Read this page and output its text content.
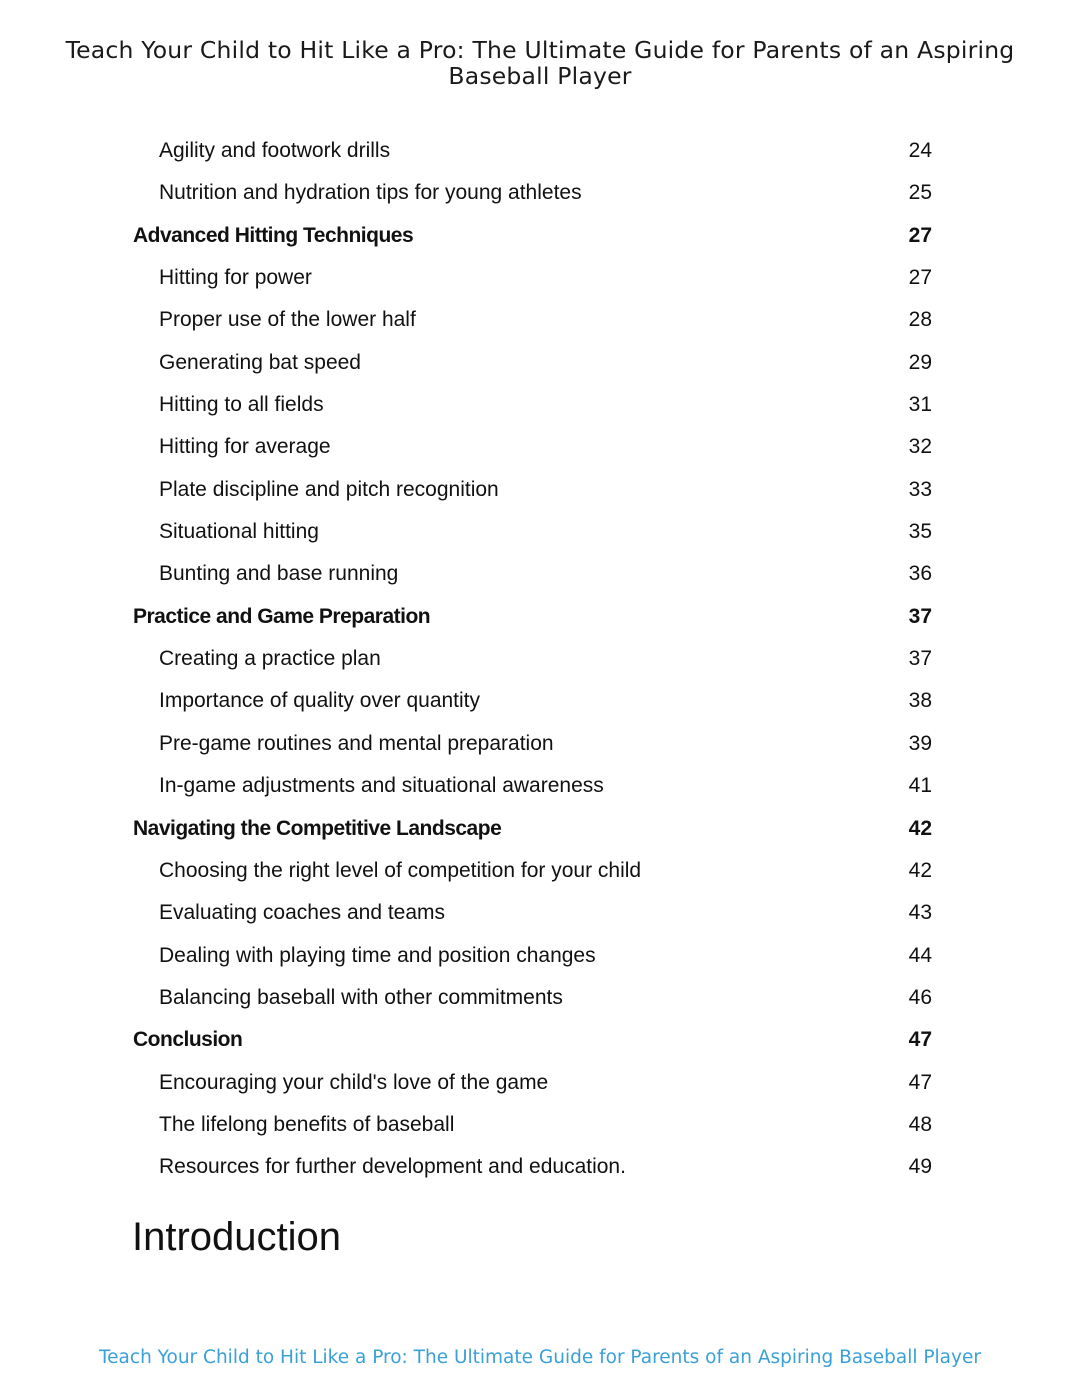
Teach Your Child to Hit Like a Pro: The Ultimate Guide for Parents of an Aspiring
Baseball Player
Agility and footwork drills	24
Nutrition and hydration tips for young athletes	25
Advanced Hitting Techniques	27
Hitting for power	27
Proper use of the lower half	28
Generating bat speed	29
Hitting to all fields	31
Hitting for average	32
Plate discipline and pitch recognition	33
Situational hitting	35
Bunting and base running	36
Practice and Game Preparation	37
Creating a practice plan	37
Importance of quality over quantity	38
Pre-game routines and mental preparation	39
In-game adjustments and situational awareness	41
Navigating the Competitive Landscape	42
Choosing the right level of competition for your child	42
Evaluating coaches and teams	43
Dealing with playing time and position changes	44
Balancing baseball with other commitments	46
Conclusion	47
Encouraging your child's love of the game	47
The lifelong benefits of baseball	48
Resources for further development and education.	49
Introduction
Teach Your Child to Hit Like a Pro: The Ultimate Guide for Parents of an Aspiring Baseball Player
